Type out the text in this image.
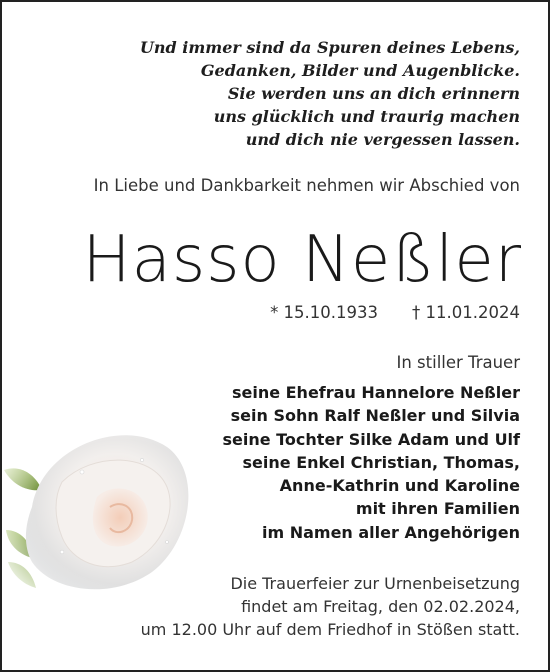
Und immer sind da Spuren deines Lebens,
Gedanken, Bilder und Augenblicke.
Sie werden uns an dich erinnern
uns glücklich und traurig machen
und dich nie vergessen lassen.
In Liebe und Dankbarkeit nehmen wir Abschied von
Hasso Neßler
* 15.10.1933 † 11.01.2024
In stiller Trauer
seine Ehefrau Hannelore Neßler
sein Sohn Ralf Neßler und Silvia
seine Tochter Silke Adam und Ulf
seine Enkel Christian, Thomas,
Anne-Kathrin und Karoline
mit ihren Familien
im Namen aller Angehörigen
Die Trauerfeier zur Urnenbeisetzung
findet am Freitag, den 02.02.2024,
um 12.00 Uhr auf dem Friedhof in Stößen statt.
